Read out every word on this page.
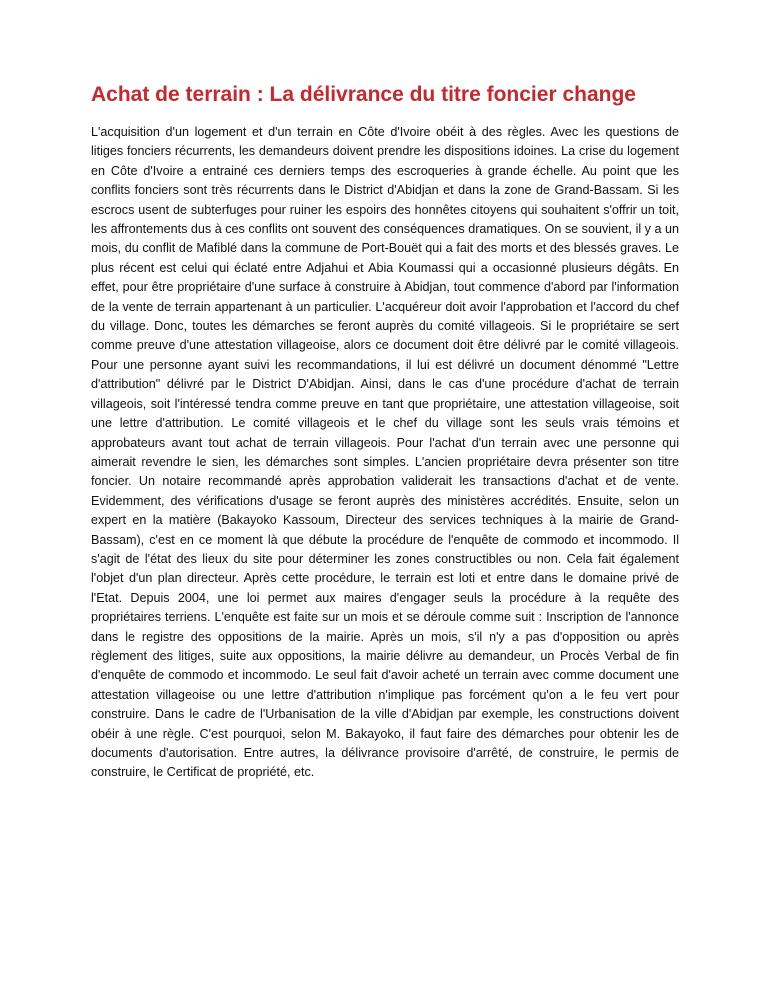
Achat de terrain : La délivrance du titre foncier change

L'acquisition d'un logement et d'un terrain en Côte d'Ivoire obéit à des règles. Avec les questions de litiges fonciers récurrents, les demandeurs doivent prendre les dispositions idoines. La crise du logement en Côte d'Ivoire a entrainé ces derniers temps des escroqueries à grande échelle. Au point que les conflits fonciers sont très récurrents dans le District d'Abidjan et dans la zone de Grand-Bassam. Si les escrocs usent de subterfuges pour ruiner les espoirs des honnêtes citoyens qui souhaitent s'offrir un toit, les affrontements dus à ces conflits ont souvent des conséquences dramatiques. On se souvient, il y a un mois, du conflit de Mafiblé dans la commune de Port-Bouët qui a fait des morts et des blessés graves. Le plus récent est celui qui éclaté entre Adjahui et Abia Koumassi qui a occasionné plusieurs dégâts. En effet, pour être propriétaire d'une surface à construire à Abidjan, tout commence d'abord par l'information de la vente de terrain appartenant à un particulier. L'acquéreur doit avoir l'approbation et l'accord du chef du village. Donc, toutes les démarches se feront auprès du comité villageois. Si le propriétaire se sert comme preuve d'une attestation villageoise, alors ce document doit être délivré par le comité villageois. Pour une personne ayant suivi les recommandations, il lui est délivré un document dénommé "Lettre d'attribution" délivré par le District D'Abidjan. Ainsi, dans le cas d'une procédure d'achat de terrain villageois, soit l'intéressé tendra comme preuve en tant que propriétaire, une attestation villageoise, soit une lettre d'attribution. Le comité villageois et le chef du village sont les seuls vrais témoins et approbateurs avant tout achat de terrain villageois. Pour l'achat d'un terrain avec une personne qui aimerait revendre le sien, les démarches sont simples. L'ancien propriétaire devra présenter son titre foncier. Un notaire recommandé après approbation validerait les transactions d'achat et de vente. Evidemment, des vérifications d'usage se feront auprès des ministères accrédités. Ensuite, selon un expert en la matière (Bakayoko Kassoum, Directeur des services techniques à la mairie de Grand-Bassam), c'est en ce moment là que débute la procédure de l'enquête de commodo et incommodo. Il s'agit de l'état des lieux du site pour déterminer les zones constructibles ou non. Cela fait également l'objet d'un plan directeur. Après cette procédure, le terrain est loti et entre dans le domaine privé de l'Etat. Depuis 2004, une loi permet aux maires d'engager seuls la procédure à la requête des propriétaires terriens. L'enquête est faite sur un mois et se déroule comme suit : Inscription de l'annonce dans le registre des oppositions de la mairie. Après un mois, s'il n'y a pas d'opposition ou après règlement des litiges, suite aux oppositions, la mairie délivre au demandeur, un Procès Verbal de fin d'enquête de commodo et incommodo. Le seul fait d'avoir acheté un terrain avec comme document une attestation villageoise ou une lettre d'attribution n'implique pas forcément qu'on a le feu vert pour construire. Dans le cadre de l'Urbanisation de la ville d'Abidjan par exemple, les constructions doivent obéir à une règle. C'est pourquoi, selon M. Bakayoko, il faut faire des démarches pour obtenir les de documents d'autorisation. Entre autres, la délivrance provisoire d'arrêté, de construire, le permis de construire, le Certificat de propriété, etc.
